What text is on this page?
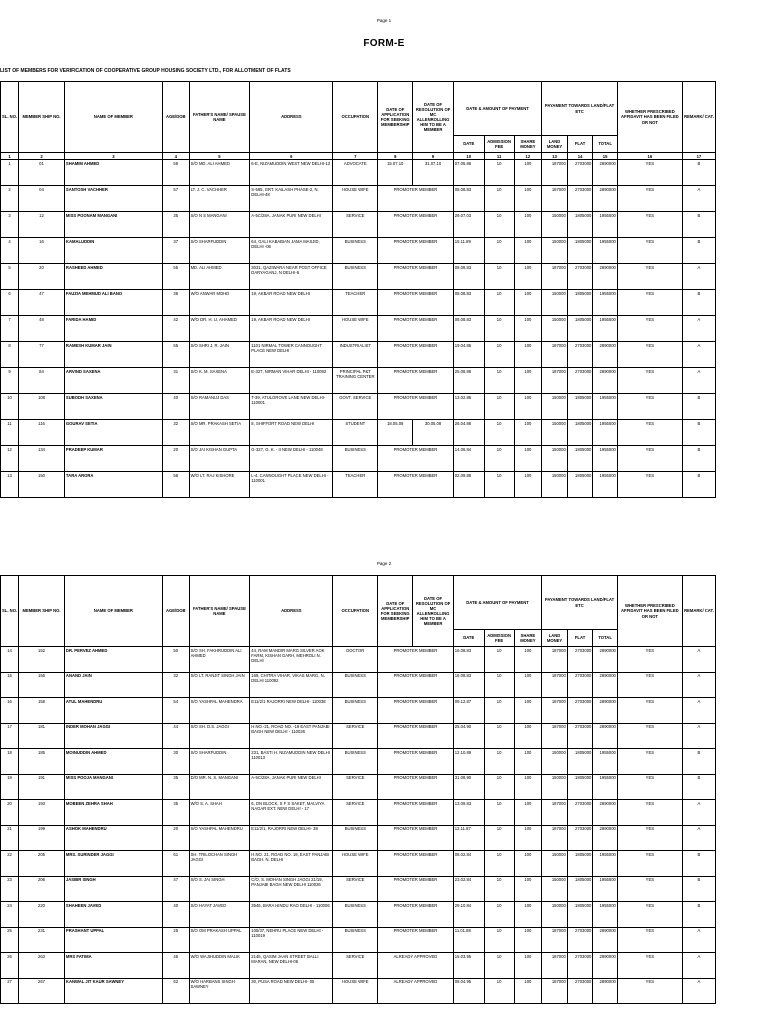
Page 1
FORM-E
LIST OF MEMBERS FOR VERIFICATION OF COOPERATIVE GROUP HOUSING SOCIETY LTD., FOR ALLOTMENT OF FLATS
SL. NO.	MEMBER SHIP NO.	NAME OF MEMBER	AGE/DOB	FATHER'S NAME/ SPAUSE NAME	ADDRESS	OCCUPATION	DATE OF APPLICATION FOR SEEKING MEMBERSHIP	DATE OF RESOLUTION OF MC ALLENROLLING HIM TO BE A MEMBER	DATE & AMOUNT OF PAYMENT			PAYAMENT TOWARDS LAND/FLAT ETC			WHETHER PRESCRIBED AFFIDAVIT HAS BEEN FILED OR NOT	REMARK/ CAT.
									DATE	ADMISSION FEE	SHARE MONEY	LAND MONEY	FLAT	TOTAL		
1	2	3	4	5	6	7	8	9	10	11	12	13	14	15	16	17
1	01	SHAMIM AHMED	59	S/O MD. ALI AHMED	6-E, NIZAMUDDIN WEST NEW DELHI-13	ADVOCATE	15.07.10	31.07.10	07.05.86	10	100	187000	2703000	2890000	YES	B
2	04	SANTOSH VACHHER	57	LT. J. C. VACHHER	S-565, GRT. KAILASH PHASE-2, N. DELHI-48	HOUSE WIFE	PROMOTER MEMBER		08.08.83	10	100	187000	2703000	2890000	YES	A
3	12	MISS POONAM MANGANI	35	S/O N S MANGANI	A-5C/28A, JANAK PURI NEW DELHI	SERVICE	PROMOTER MEMBER		29.07.03	10	100	150000	1805000	1955000	YES	B
4	16	KAMALUDDIN	37	S/O SHARFUDDIN	64, GALI KABABIAN JAMA MASJID, DELHI -06	BUSINESS	PROMOTER MEMBER		15.11.89	10	100	150000	1805000	1955000	YES	B
5	20	RASHEED AHMED	55	MD. ALI AHMED	3031, QAZIWARA NEAR POST OFFICE DARYAGANJ, N DELHI-6	BUSINESS	PROMOTER MEMBER		08.08.83	10	100	187000	2703000	2890000	YES	A
6	47	FAUZIA MEHMUD ALI BANO	36	W/O ANWAR MOHD	19, AKBAR ROAD NEW DELHI	TEACHER	PROMOTER MEMBER		08.08.83	10	100	150000	1805000	1955000	YES	B
7	48	FARIDA HAMID	42	W/O DR. H. U. AHAMED	19, AKBAR ROAD NEW DELHI	HOUSE WIFE	PROMOTER MEMBER		08.08.83	10	100	150000	1805000	1955000	YES	A
8	77	RAMESH KUMAR JAIN	55	S/O SHRI J. R. JAIN	1101 NIRMAL TOWER CANNOUGHT PLACE NEW DELHI	INDUSTRIALIST	PROMOTER MEMBER		19.04.86	10	100	187000	2703000	2890000	YES	A
9	84	ARVIND SAXENA	31	S/O K. M. SAXENA	E-327, NIRMAN VIHAR DELHI - 110092	PRINCIPAL P&T TRAINING CENTER	PROMOTER MEMBER		25.08.86	10	100	187000	2703000	2890000	YES	A
10	108	SUBODH SAXENA	40	S/O RAMANUJ DAS	T-39, ATULGROVE LANE NEW DELHI- 110001	GOVT. SERVICE	PROMOTER MEMBER		13.02.86	10	100	150000	1805000	1955000	YES	B
11	116	GOURAV SETIA	32	S/O MR. PRAKASH SETIA	8, SHIFFORT ROAD NEW DELHI	STUDENT	18.05.08	30.05.08	26.04.86	10	100	150000	1805000	1955000	YES	B
12	134	PRADEEP KUMAR	20	S/O JAI KISHAN GUPTA	G-327, G. K. - II NEW DELHI - 110048	BUSINESS	PROMOTER MEMBER		14.06.84	10	100	150000	1805000	1955000	YES	B
13	150	TARA ARORA	58	W/O LT. RAJ KISHORE	L-4, CANNOUGHT PLACE NEW DELHI - 110001	TEACHER	PROMOTER MEMBER		02.09.88	10	100	150000	1805000	1955000	YES	B
Page 2
SL. NO.	MEMBER SHIP NO.	NAME OF MEMBER	AGE/DOB	FATHER'S NAME/ SPAUSE NAME	ADDRESS	OCCUPATION	DATE OF APPLICATION FOR SEEKING MEMBERSHIP	DATE OF RESOLUTION OF MC ALLENROLLING HIM TO BE A MEMBER	DATE & AMOUNT OF PAYMENT			PAYAMENT TOWARDS LAND/FLAT ETC			WHETHER PRESCRIBED AFFIDAVIT HAS BEEN FILED OR NOT	REMARK/ CAT.
									DATE	ADMISSION FEE	SHARE MONEY	LAND MONEY	FLAT	TOTAL		
14	152	DR. PERVEZ AHMED	50	S/O SH. FAKHRUDDIN ALI AHMED	44, RAM MANDIR MARG SILVER AOK FARM, KISHAN GARH, MEHROLI N. DELHI	DOCTOR	PROMOTER MEMBER		16.08.83	10	100	187000	2703000	2890000	YES	A
15	156	ANAND JAIN	32	S/O LT. RANJIT SINGH JAIN	169, CHITRA VIHAR, VIKAS MARG, N. DELHI 110092	BUSINESS	PROMOTER MEMBER		16.08.83	10	100	187000	2703000	2890000	YES	A
16	158	ATUL MAHENDRU	54	S/O YASHPAL MAHENDRA	E11/2/1 RAJORRI NEW DELHI- 110038	BUSINESS	PROMOTER MEMBER		09.12.87	10	100	187000	2703000	2890000	YES	A
17	181	INDER MOHAN JAGGI	44	S/O SH. D.S. JAGGI	H.NO.-21, ROAD NO. -19 EAST PANJABI BAGH NEW DELHI - 110026	SERVICE	PROMOTER MEMBER		25.04.90	10	100	187000	2703000	2890000	YES	A
18	185	MOINUDDIN AHMED	30	S/O SHARFUDDIN	231, BASTI H. NIZAMUDDIN NEW DELHI 110013	BUSINESS	PROMOTER MEMBER		12.10.89	10	100	150000	1805000	1955000	YES	B
19	191	MISS POOJA MANGANI	35	D/O MR. N. S. MANGANI	A-5C/28A, JANAK PURI NEW DELHI	SERVICE	PROMOTER MEMBER		31.08.90	10	100	150000	1805000	1955000	YES	B
20	193	MOBEEN ZEHRA SHAH	35	W/O S. A. SHAH	6, DN BLOCK, S F S SAKET, MALVIYA NAGAR EXT. NEW DELHI - 17	SERVICE	PROMOTER MEMBER		13.09.83	10	100	187000	2703000	2890000	YES	A
21	199	ASHOK MAHENDRU	20	S/O YASHPAL MAHENDRU	E11/2/1, RAJORRI NEW DELHI- 38	BUSINESS	PROMOTER MEMBER		12.11.87	10	100	187000	2703000	2890000	YES	A
22	205	MRS. SURINDER JAGGI	61	SH. TRILOCHAN SINGH JAGGI	H.NO. 21, ROAD NO. 19, EAST PANJABI BAGH. N. DELHI	HOUSE WIFE	PROMOTER MEMBER		08.02.84	10	100	150000	1805000	1955000	YES	B
23	206	JASBIR SINGH	47	S/O S. JAI SINGH	C/O, S. MOHAN SINGH JAGGI 21/19, PANJABI BAGH NEW DELHI 110026	SERVICE	PROMOTER MEMBER		23.02.84	10	100	150000	1805000	1955000	YES	B
24	220	SHAHEEN JAVED	40	S/O HAYAT JAVED	3546, BARA HINDU RAO DELHI - 110006	BUSINESS	PROMOTER MEMBER		29.10.84	10	100	150000	1805000	1955000	YES	B
25	231	PRASHANT UPPAL	25	S/O OM PRAKASH UPPAL	105/37, NEHRU PLACE NEW DELHI - 110019	BUSINESS	PROMOTER MEMBER		11.01.88	10	100	187000	2703000	2890000	YES	A
26	263	MRS FATIMA	45	W/O WAJIHUDDIN MALIK	2145, QASIM JAAN STREET BALLI MARAN, NEW DELHI-06	SERVICE	ALREADY APPROVED		15.03.95	10	100	187000	2703000	2890000	YES	A
27	267	KANWAL JIT KAUR SAWNEY	62	W/O HARBANS SINGH SAWNEY	30, PUSA ROAD NEW DELHI- 05	HOUSE WIFE	ALREADY APPROVED		08.04.95	10	100	187000	2703000	2890000	YES	A
